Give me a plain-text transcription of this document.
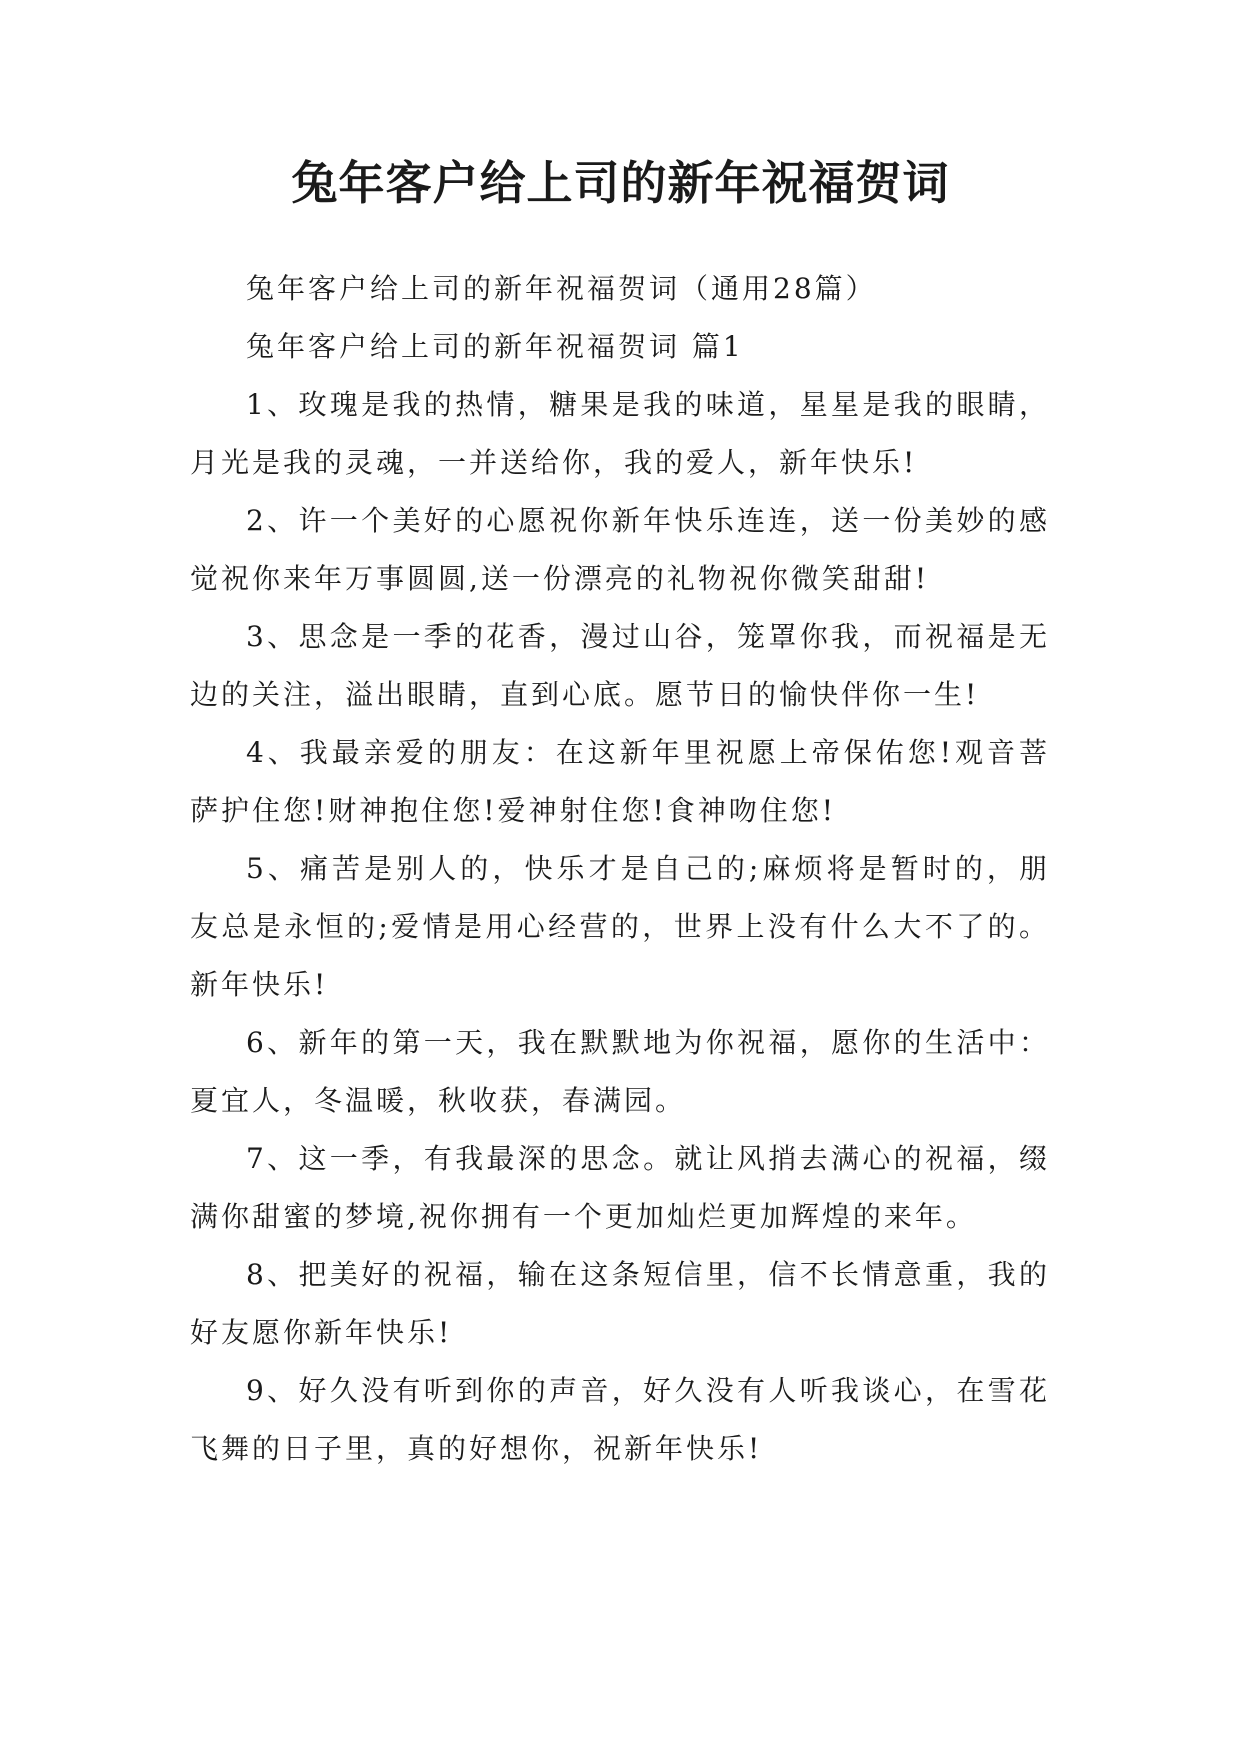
兔年客户给上司的新年祝福贺词

兔年客户给上司的新年祝福贺词（通用28篇）

兔年客户给上司的新年祝福贺词 篇1

1、玫瑰是我的热情，糖果是我的味道，星星是我的眼睛，月光是我的灵魂，一并送给你，我的爱人，新年快乐!

2、许一个美好的心愿祝你新年快乐连连，送一份美妙的感觉祝你来年万事圆圆,送一份漂亮的礼物祝你微笑甜甜!

3、思念是一季的花香，漫过山谷，笼罩你我，而祝福是无边的关注，溢出眼睛，直到心底。愿节日的愉快伴你一生!

4、我最亲爱的朋友：在这新年里祝愿上帝保佑您!观音菩萨护住您!财神抱住您!爱神射住您!食神吻住您!

5、痛苦是别人的，快乐才是自己的;麻烦将是暂时的，朋友总是永恒的;爱情是用心经营的，世界上没有什么大不了的。新年快乐!

6、新年的第一天，我在默默地为你祝福，愿你的生活中：夏宜人，冬温暖，秋收获，春满园。

7、这一季，有我最深的思念。就让风捎去满心的祝福，缀满你甜蜜的梦境,祝你拥有一个更加灿烂更加辉煌的来年。

8、把美好的祝福，输在这条短信里，信不长情意重，我的好友愿你新年快乐!

9、好久没有听到你的声音，好久没有人听我谈心，在雪花飞舞的日子里，真的好想你，祝新年快乐!
